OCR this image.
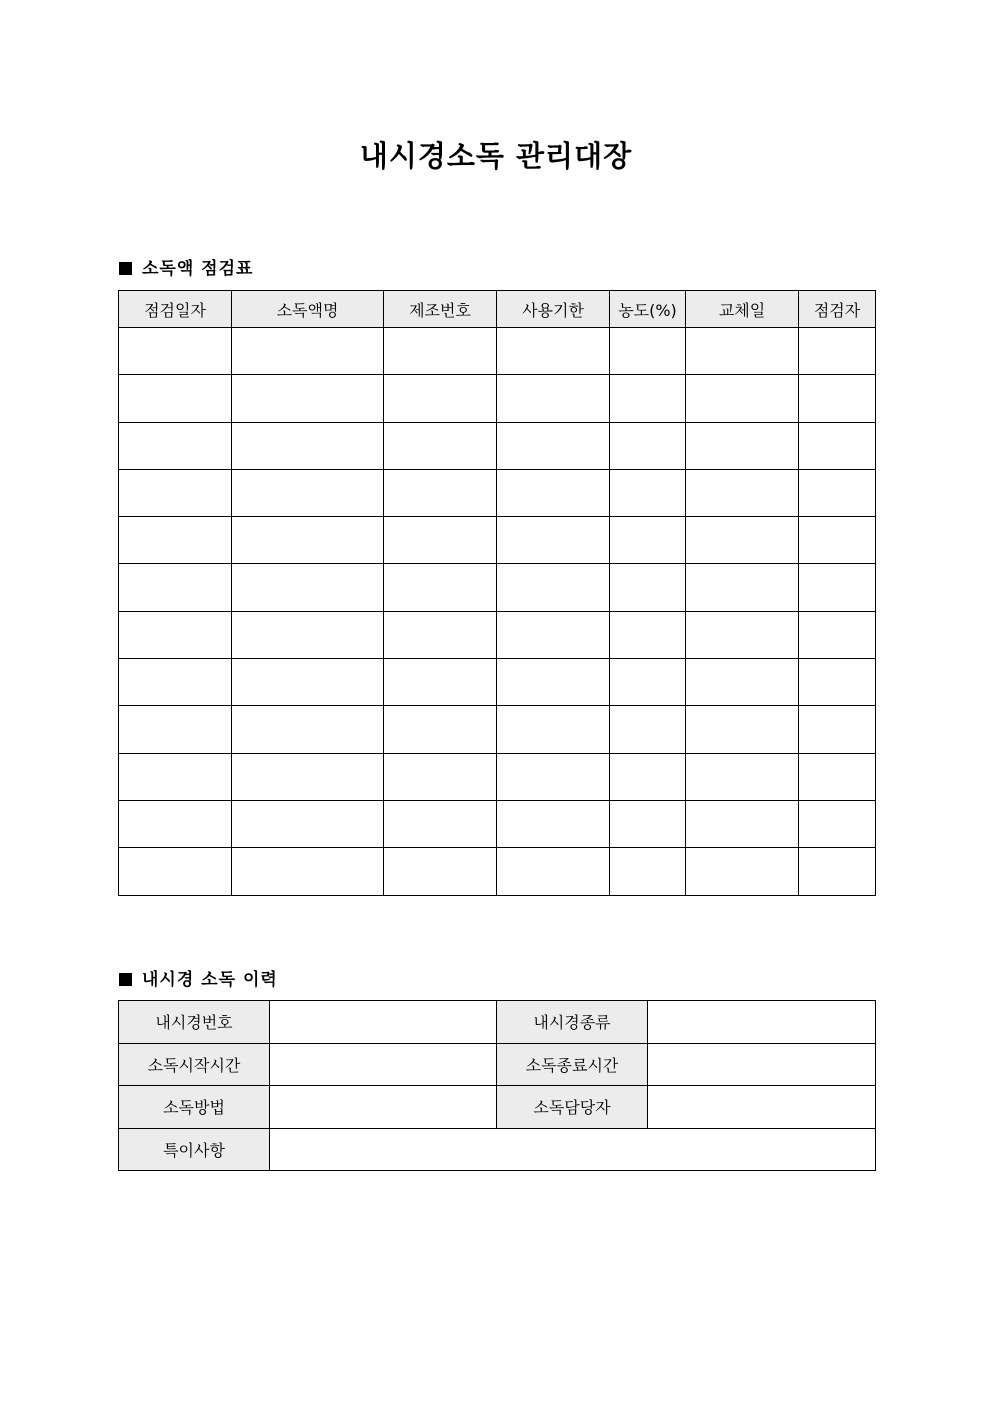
내시경소독 관리대장
소독액 점검표
점검일자	소독액명	제조번호	사용기한	농도(%)	교체일	점검자

내시경 소독 이력
내시경번호		내시경종류	
소독시작시간		소독종료시간	
소독방법		소독담당자	
특이사항			
